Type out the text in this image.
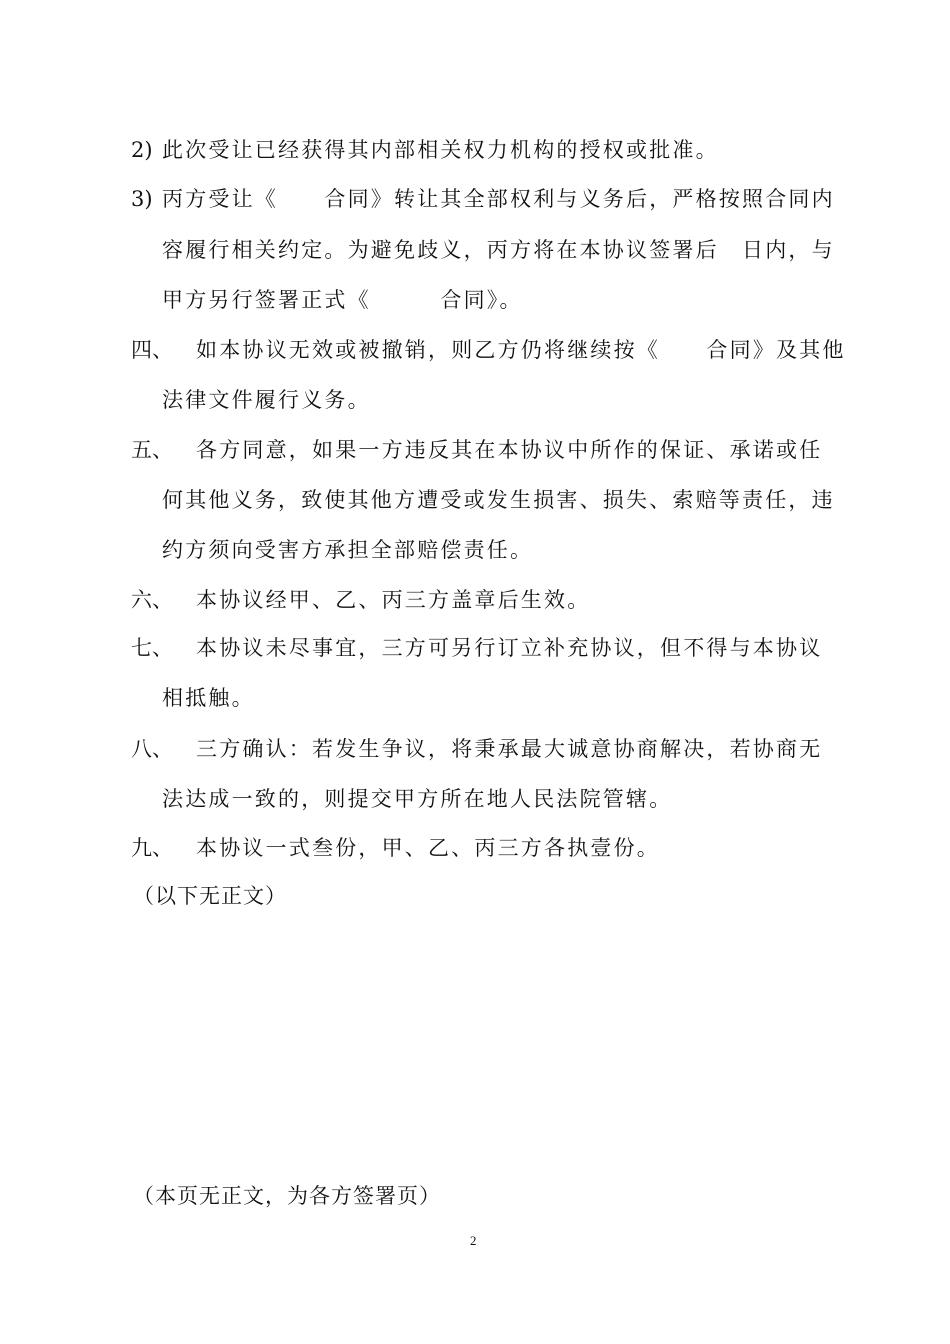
2) 此次受让已经获得其内部相关权力机构的授权或批准。
3) 丙方受让《　　合同》转让其全部权利与义务后，严格按照合同内
容履行相关约定。为避免歧义，丙方将在本协议签署后　日内，与
甲方另行签署正式《　　　合同》。
四、 如本协议无效或被撤销，则乙方仍将继续按《　　合同》及其他
法律文件履行义务。
五、 各方同意，如果一方违反其在本协议中所作的保证、承诺或任
何其他义务，致使其他方遭受或发生损害、损失、索赔等责任，违
约方须向受害方承担全部赔偿责任。
六、 本协议经甲、乙、丙三方盖章后生效。
七、 本协议未尽事宜，三方可另行订立补充协议，但不得与本协议
相抵触。
八、 三方确认：若发生争议，将秉承最大诚意协商解决，若协商无
法达成一致的，则提交甲方所在地人民法院管辖。
九、 本协议一式叁份，甲、乙、丙三方各执壹份。
（以下无正文）
（本页无正文，为各方签署页）
2
